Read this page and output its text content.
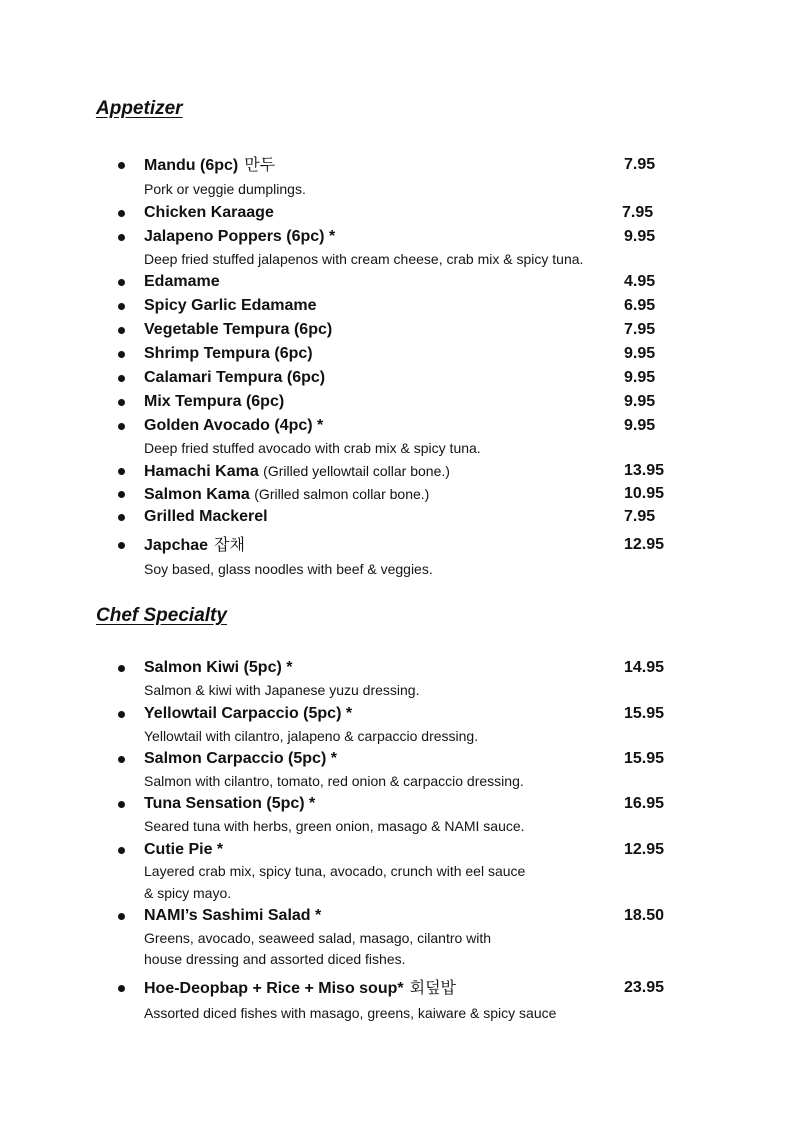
Appetizer
Mandu (6pc) 만두	7.95
Pork or veggie dumplings.
Chicken Karaage	7.95
Jalapeno Poppers (6pc) *	9.95
Deep fried stuffed jalapenos with cream cheese, crab mix & spicy tuna.
Edamame	4.95
Spicy Garlic Edamame	6.95
Vegetable Tempura (6pc)	7.95
Shrimp Tempura (6pc)	9.95
Calamari Tempura (6pc)	9.95
Mix Tempura (6pc)	9.95
Golden Avocado (4pc) *	9.95
Deep fried stuffed avocado with crab mix & spicy tuna.
Hamachi Kama (Grilled yellowtail collar bone.)	13.95
Salmon Kama (Grilled salmon collar bone.)	10.95
Grilled Mackerel	7.95
Japchae 잡채	12.95
Soy based, glass noodles with beef & veggies.
Chef Specialty
Salmon Kiwi (5pc) *	14.95
Salmon & kiwi with Japanese yuzu dressing.
Yellowtail Carpaccio (5pc) *	15.95
Yellowtail with cilantro, jalapeno & carpaccio dressing.
Salmon Carpaccio (5pc) *	15.95
Salmon with cilantro, tomato, red onion & carpaccio dressing.
Tuna Sensation (5pc) *	16.95
Seared tuna with herbs, green onion, masago & NAMI sauce.
Cutie Pie *	12.95
Layered crab mix, spicy tuna, avocado, crunch with eel sauce
& spicy mayo.
NAMI’s Sashimi Salad *	18.50
Greens, avocado, seaweed salad, masago, cilantro with
house dressing and assorted diced fishes.
Hoe-Deopbap + Rice + Miso soup* 회덮밥	23.95
Assorted diced fishes with masago, greens, kaiware & spicy sauce
